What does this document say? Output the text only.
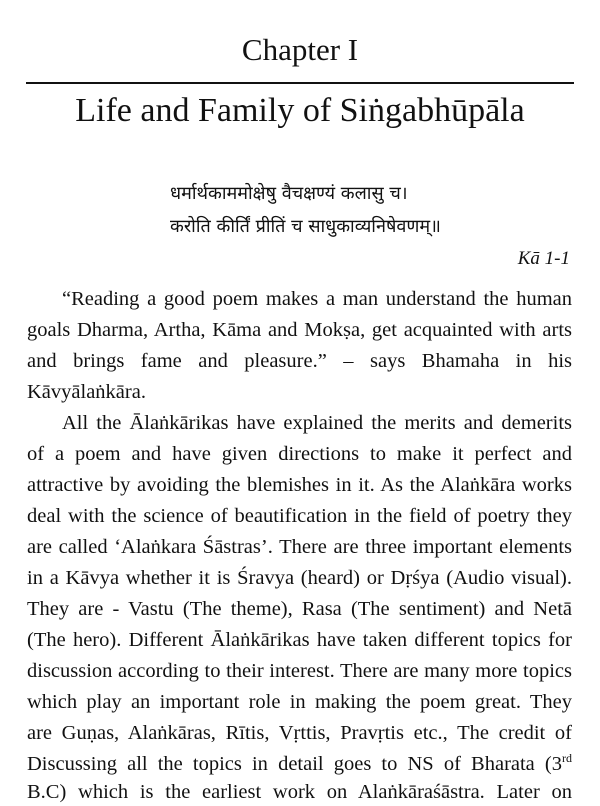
Chapter I
Life and Family of Siṅgabhūpāla
धर्मार्थकाममोक्षेषु वैचक्षण्यं कलासु च।
करोति कीर्तिं प्रीतिं च साधुकाव्यनिषेवणम्॥
Kā 1-1
“Reading a good poem makes a man understand the human
goals Dharma, Artha, Kāma and Mokṣa, get acquainted with arts
and brings fame and pleasure.” – says Bhamaha in his
Kāvyālaṅkāra.
All the Ālaṅkārikas have explained the merits and demerits
of a poem and have given directions to make it perfect and
attractive by avoiding the blemishes in it. As the Alaṅkāra works
deal with the science of beautification in the field of poetry they
are called ‘Alaṅkara Śāstras’. There are three important elements
in a Kāvya whether it is Śravya (heard) or Dṛśya (Audio visual).
They are - Vastu (The theme), Rasa (The sentiment) and Netā
(The hero). Different Ālaṅkārikas have taken different topics for
discussion according to their interest. There are many more topics
which play an important role in making the poem great. They
are Guṇas, Alaṅkāras, Rītis, Vṛttis, Pravṛtis etc., The credit of
Discussing all the topics in detail goes to NS of Bharata (3rd
B.C) which is the earliest work on Alaṅkāraśāstra. Later on
